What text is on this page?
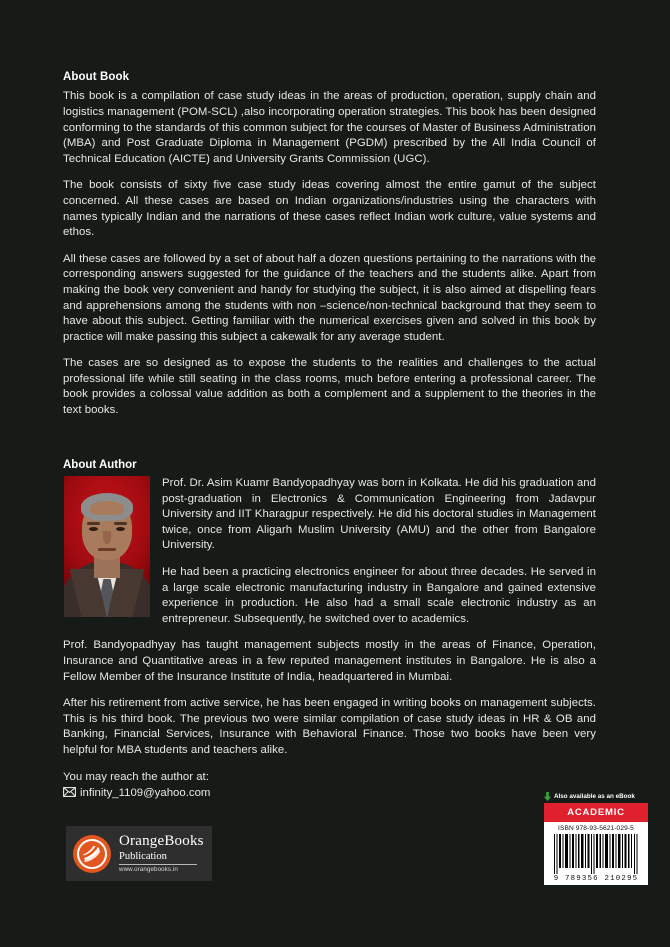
About Book

This book is a compilation of case study ideas in the areas of production, operation, supply chain and logistics management (POM-SCL) ,also incorporating operation strategies. This book has been designed conforming to the standards of this common subject for the courses of Master of Business Administration (MBA) and Post Graduate Diploma in Management (PGDM) prescribed by the All India Council of Technical Education (AICTE) and University Grants Commission (UGC).

The book consists of sixty five case study ideas covering almost the entire gamut of the subject concerned. All these cases are based on Indian organizations/industries using the characters with names typically Indian and the narrations of these cases reflect Indian work culture, value systems and ethos.

All these cases are followed by a set of about half a dozen questions pertaining to the narrations with the corresponding answers suggested for the guidance of the teachers and the students alike. Apart from making the book very convenient and handy for studying the subject, it is also aimed at dispelling fears and apprehensions among the students with non –science/non-technical background that they seem to have about this subject. Getting familiar with the numerical exercises given and solved in this book by practice will make passing this subject a cakewalk for any average student.

The cases are so designed as to expose the students to the realities and challenges to the actual professional life while still seating in the class rooms, much before entering a professional career. The book provides a colossal value addition as both a complement and a supplement to the theories in the text books.

About Author

Prof. Dr. Asim Kuamr Bandyopadhyay was born in Kolkata. He did his graduation and post-graduation in Electronics & Communication Engineering from Jadavpur University and IIT Kharagpur respectively. He did his doctoral studies in Management twice, once from Aligarh Muslim University (AMU) and the other from Bangalore University.

He had been a practicing electronics engineer for about three decades. He served in a large scale electronic manufacturing industry in Bangalore and gained extensive experience in production. He also had a small scale electronic industry as an entrepreneur. Subsequently, he switched over to academics.

Prof. Bandyopadhyay has taught management subjects mostly in the areas of Finance, Operation, Insurance and Quantitative areas in a few reputed management institutes in Bangalore. He is also a Fellow Member of the Insurance Institute of India, headquartered in Mumbai.

After his retirement from active service, he has been engaged in writing books on management subjects. This is his third book. The previous two were similar compilation of case study ideas in HR & OB and Banking, Financial Services, Insurance with Behavioral Finance. Those two books have been very helpful for MBA students and teachers alike.

You may reach the author at:
infinity_1109@yahoo.com
OrangeBooks
Publication
www.orangebooks.in
Also available as an eBook
ACADEMIC
ISBN 978-93-5621-029-5
9 789356 210295
